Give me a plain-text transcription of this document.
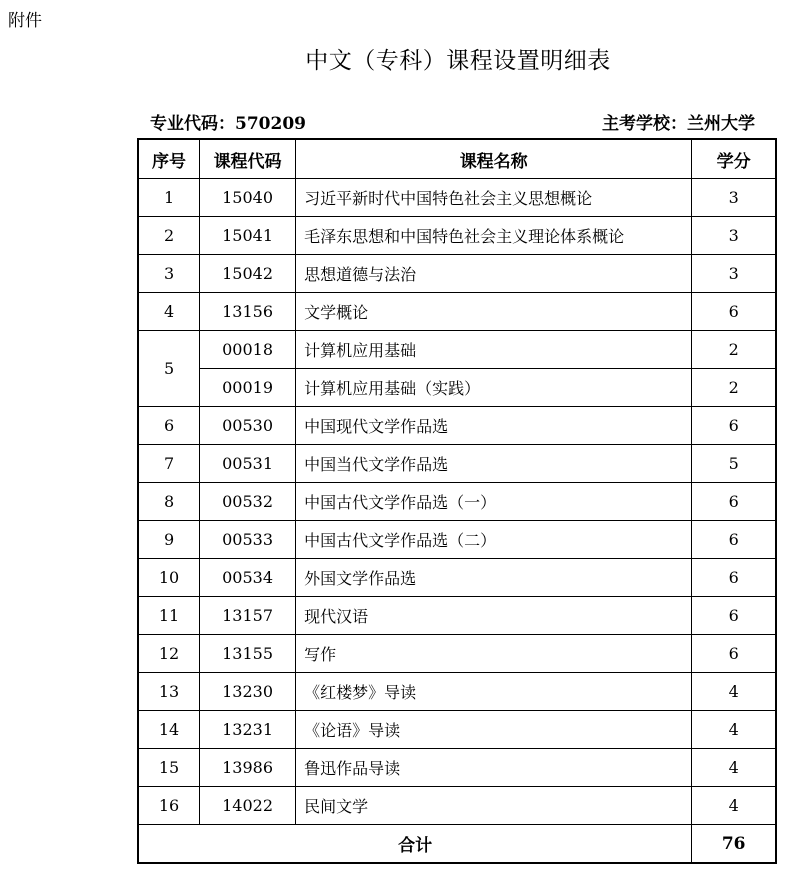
附件
中文（专科）课程设置明细表
专业代码：570209	主考学校：兰州大学
序号	课程代码	课程名称	学分
1	15040	习近平新时代中国特色社会主义思想概论	3
2	15041	毛泽东思想和中国特色社会主义理论体系概论	3
3	15042	思想道德与法治	3
4	13156	文学概论	6
5	00018	计算机应用基础	2
	00019	计算机应用基础（实践）	2
6	00530	中国现代文学作品选	6
7	00531	中国当代文学作品选	5
8	00532	中国古代文学作品选（一）	6
9	00533	中国古代文学作品选（二）	6
10	00534	外国文学作品选	6
11	13157	现代汉语	6
12	13155	写作	6
13	13230	《红楼梦》导读	4
14	13231	《论语》导读	4
15	13986	鲁迅作品导读	4
16	14022	民间文学	4
合计			76
